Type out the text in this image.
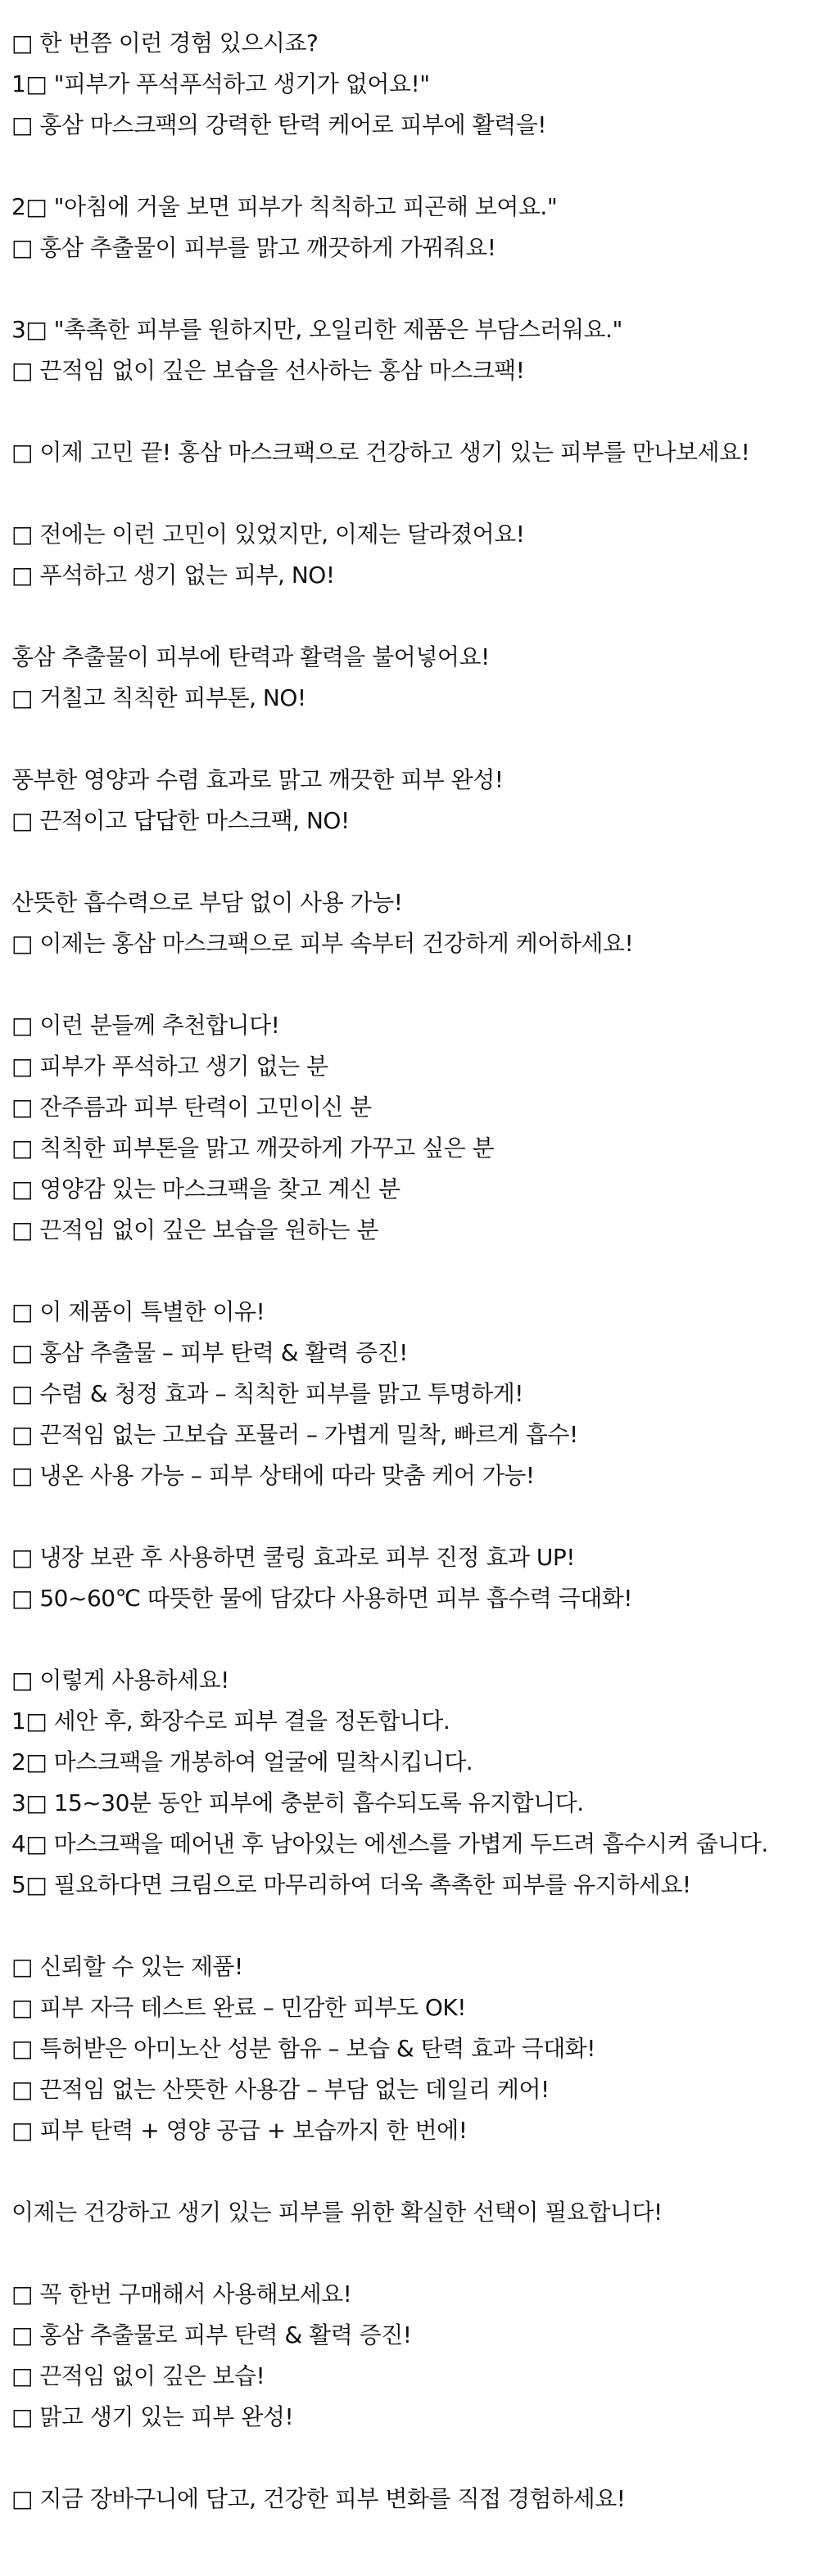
□ 한 번쯤 이런 경험 있으시죠?
1□ "피부가 푸석푸석하고 생기가 없어요!"
□ 홍삼 마스크팩의 강력한 탄력 케어로 피부에 활력을!
2□ "아침에 거울 보면 피부가 칙칙하고 피곤해 보여요."
□ 홍삼 추출물이 피부를 맑고 깨끗하게 가꿔줘요!
3□ "촉촉한 피부를 원하지만, 오일리한 제품은 부담스러워요."
□ 끈적임 없이 깊은 보습을 선사하는 홍삼 마스크팩!
□ 이제 고민 끝! 홍삼 마스크팩으로 건강하고 생기 있는 피부를 만나보세요!
□ 전에는 이런 고민이 있었지만, 이제는 달라졌어요!
□ 푸석하고 생기 없는 피부, NO!
홍삼 추출물이 피부에 탄력과 활력을 불어넣어요!
□ 거칠고 칙칙한 피부톤, NO!
풍부한 영양과 수렴 효과로 맑고 깨끗한 피부 완성!
□ 끈적이고 답답한 마스크팩, NO!
산뜻한 흡수력으로 부담 없이 사용 가능!
□ 이제는 홍삼 마스크팩으로 피부 속부터 건강하게 케어하세요!
□ 이런 분들께 추천합니다!
□ 피부가 푸석하고 생기 없는 분
□ 잔주름과 피부 탄력이 고민이신 분
□ 칙칙한 피부톤을 맑고 깨끗하게 가꾸고 싶은 분
□ 영양감 있는 마스크팩을 찾고 계신 분
□ 끈적임 없이 깊은 보습을 원하는 분
□ 이 제품이 특별한 이유!
□ 홍삼 추출물 – 피부 탄력 & 활력 증진!
□ 수렴 & 청정 효과 – 칙칙한 피부를 맑고 투명하게!
□ 끈적임 없는 고보습 포뮬러 – 가볍게 밀착, 빠르게 흡수!
□ 냉온 사용 가능 – 피부 상태에 따라 맞춤 케어 가능!
□ 냉장 보관 후 사용하면 쿨링 효과로 피부 진정 효과 UP!
□ 50~60℃ 따뜻한 물에 담갔다 사용하면 피부 흡수력 극대화!
□ 이렇게 사용하세요!
1□ 세안 후, 화장수로 피부 결을 정돈합니다.
2□ 마스크팩을 개봉하여 얼굴에 밀착시킵니다.
3□ 15~30분 동안 피부에 충분히 흡수되도록 유지합니다.
4□ 마스크팩을 떼어낸 후 남아있는 에센스를 가볍게 두드려 흡수시켜 줍니다.
5□ 필요하다면 크림으로 마무리하여 더욱 촉촉한 피부를 유지하세요!
□ 신뢰할 수 있는 제품!
□ 피부 자극 테스트 완료 – 민감한 피부도 OK!
□ 특허받은 아미노산 성분 함유 – 보습 & 탄력 효과 극대화!
□ 끈적임 없는 산뜻한 사용감 – 부담 없는 데일리 케어!
□ 피부 탄력 + 영양 공급 + 보습까지 한 번에!
이제는 건강하고 생기 있는 피부를 위한 확실한 선택이 필요합니다!
□ 꼭 한번 구매해서 사용해보세요!
□ 홍삼 추출물로 피부 탄력 & 활력 증진!
□ 끈적임 없이 깊은 보습!
□ 맑고 생기 있는 피부 완성!
□ 지금 장바구니에 담고, 건강한 피부 변화를 직접 경험하세요!
